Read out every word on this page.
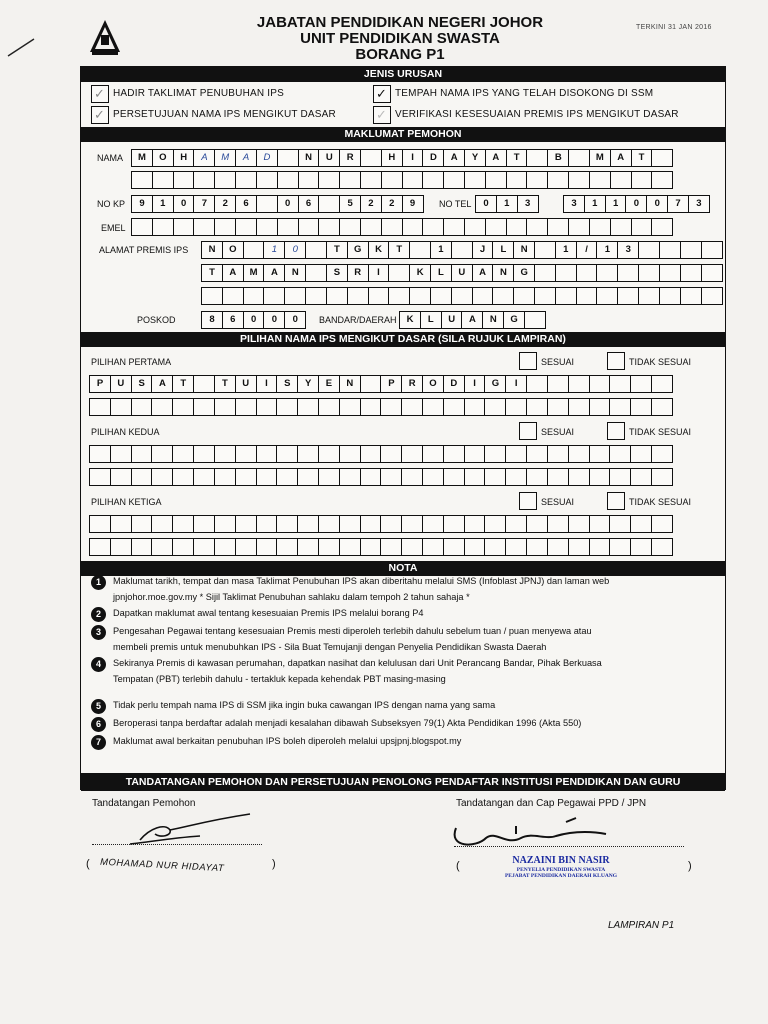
JABATAN PENDIDIKAN NEGERI JOHOR
UNIT PENDIDIKAN SWASTA
BORANG P1
TERKINI 31 JAN 2016
JENIS URUSAN
✓ HADIR TAKLIMAT PENUBUHAN IPS	✓ TEMPAH NAMA IPS YANG TELAH DISOKONG DI SSM
✓ PERSETUJUAN NAMA IPS MENGIKUT DASAR	✓ VERIFIKASI KESESUAIAN PREMIS IPS MENGIKUT DASAR
MAKLUMAT PEMOHON
NAMA	M	O	H	A	M	A	D	N	U	R	H	I	D	A	Y	A	T	B	M	A	T
NO KP	9	1	0	7	2	6	0	6	5	2	2	9	NO TEL	0	1	3	3	1	1	0	0	7	3
EMEL
ALAMAT PREMIS IPS	N	O	1	0	T	G	K	T	1	J	L	N	1	/	1	3
T	A	M	A	N	S	R	I	K	L	U	A	N	G
POSKOD	8	6	0	0	0	BANDAR/DAERAH	K	L	U	A	N	G
PILIHAN NAMA IPS MENGIKUT DASAR (SILA RUJUK LAMPIRAN)
PILIHAN PERTAMA	SESUAI	TIDAK SESUAI
P	U	S	A	T	T	U	I	S	Y	E	N	P	R	O	D	I	G	I
PILIHAN KEDUA	SESUAI	TIDAK SESUAI
PILIHAN KETIGA	SESUAI	TIDAK SESUAI
NOTA
1	Maklumat tarikh, tempat dan masa Taklimat Penubuhan IPS akan diberitahu melalui SMS (Infoblast JPNJ) dan laman web
jpnjohor.moe.gov.my * Sijil Taklimat Penubuhan sahlaku dalam tempoh 2 tahun sahaja *
2	Dapatkan maklumat awal tentang kesesuaian Premis IPS melalui borang P4
3	Pengesahan Pegawai tentang kesesuaian Premis mesti diperoleh terlebih dahulu sebelum tuan / puan menyewa atau
membeli premis untuk menubuhkan IPS - Sila Buat Temujanji dengan Penyelia Pendidikan Swasta Daerah
4	Sekiranya Premis di kawasan perumahan, dapatkan nasihat dan kelulusan dari Unit Perancang Bandar, Pihak Berkuasa
Tempatan (PBT) terlebih dahulu - tertakluk kepada kehendak PBT masing-masing
5	Tidak perlu tempah nama IPS di SSM jika ingin buka cawangan IPS dengan nama yang sama
6	Beroperasi tanpa berdaftar adalah menjadi kesalahan dibawah Subseksyen 79(1) Akta Pendidikan 1996 (Akta 550)
7	Maklumat awal berkaitan penubuhan IPS boleh diperoleh melalui upsjpnj.blogspot.my
TANDATANGAN PEMOHON DAN PERSETUJUAN PENOLONG PENDAFTAR INSTITUSI PENDIDIKAN DAN GURU
Tandatangan Pemohon
( MOHAMAD NUR HIDAYAT	)
Tandatangan dan Cap Pegawai PPD / JPN
(	)
NAZAINI BIN NASIR
PENYELIA PENDIDIKAN SWASTA
PEJABAT PENDIDIKAN DAERAH KLUANG
LAMPIRAN P1
